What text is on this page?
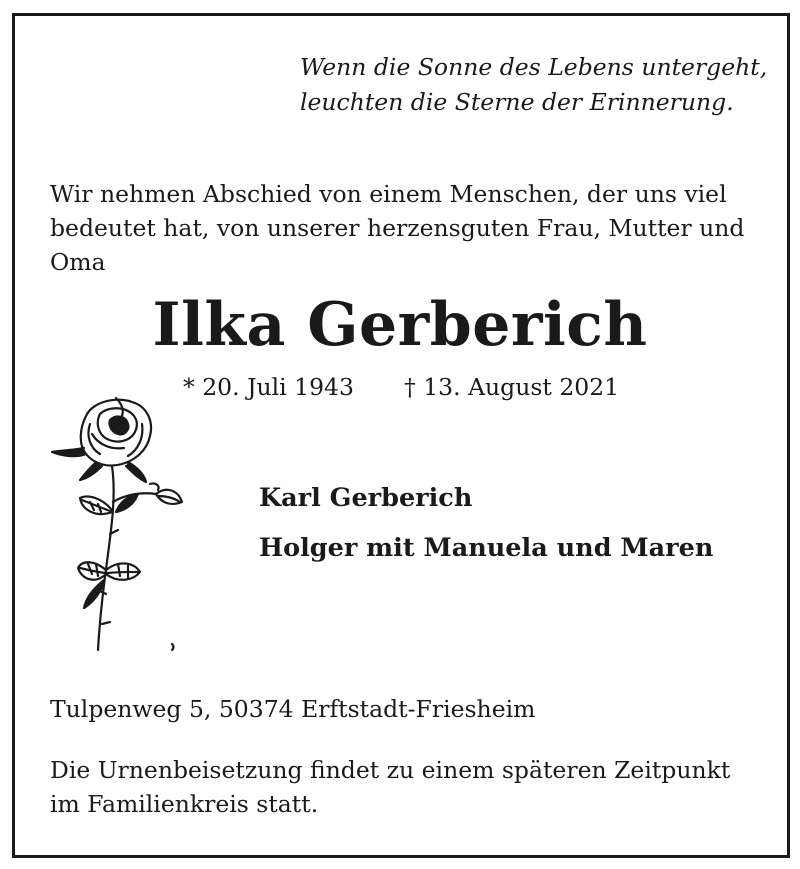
Wenn die Sonne des Lebens untergeht,
leuchten die Sterne der Erinnerung.
Wir nehmen Abschied von einem Menschen, der uns viel
bedeutet hat, von unserer herzensguten Frau, Mutter und
Oma
Ilka Gerberich
* 20. Juli 1943 † 13. August 2021
Karl Gerberich
Holger mit Manuela und Maren
Tulpenweg 5, 50374 Erftstadt-Friesheim
Die Urnenbeisetzung findet zu einem späteren Zeitpunkt
im Familienkreis statt.
